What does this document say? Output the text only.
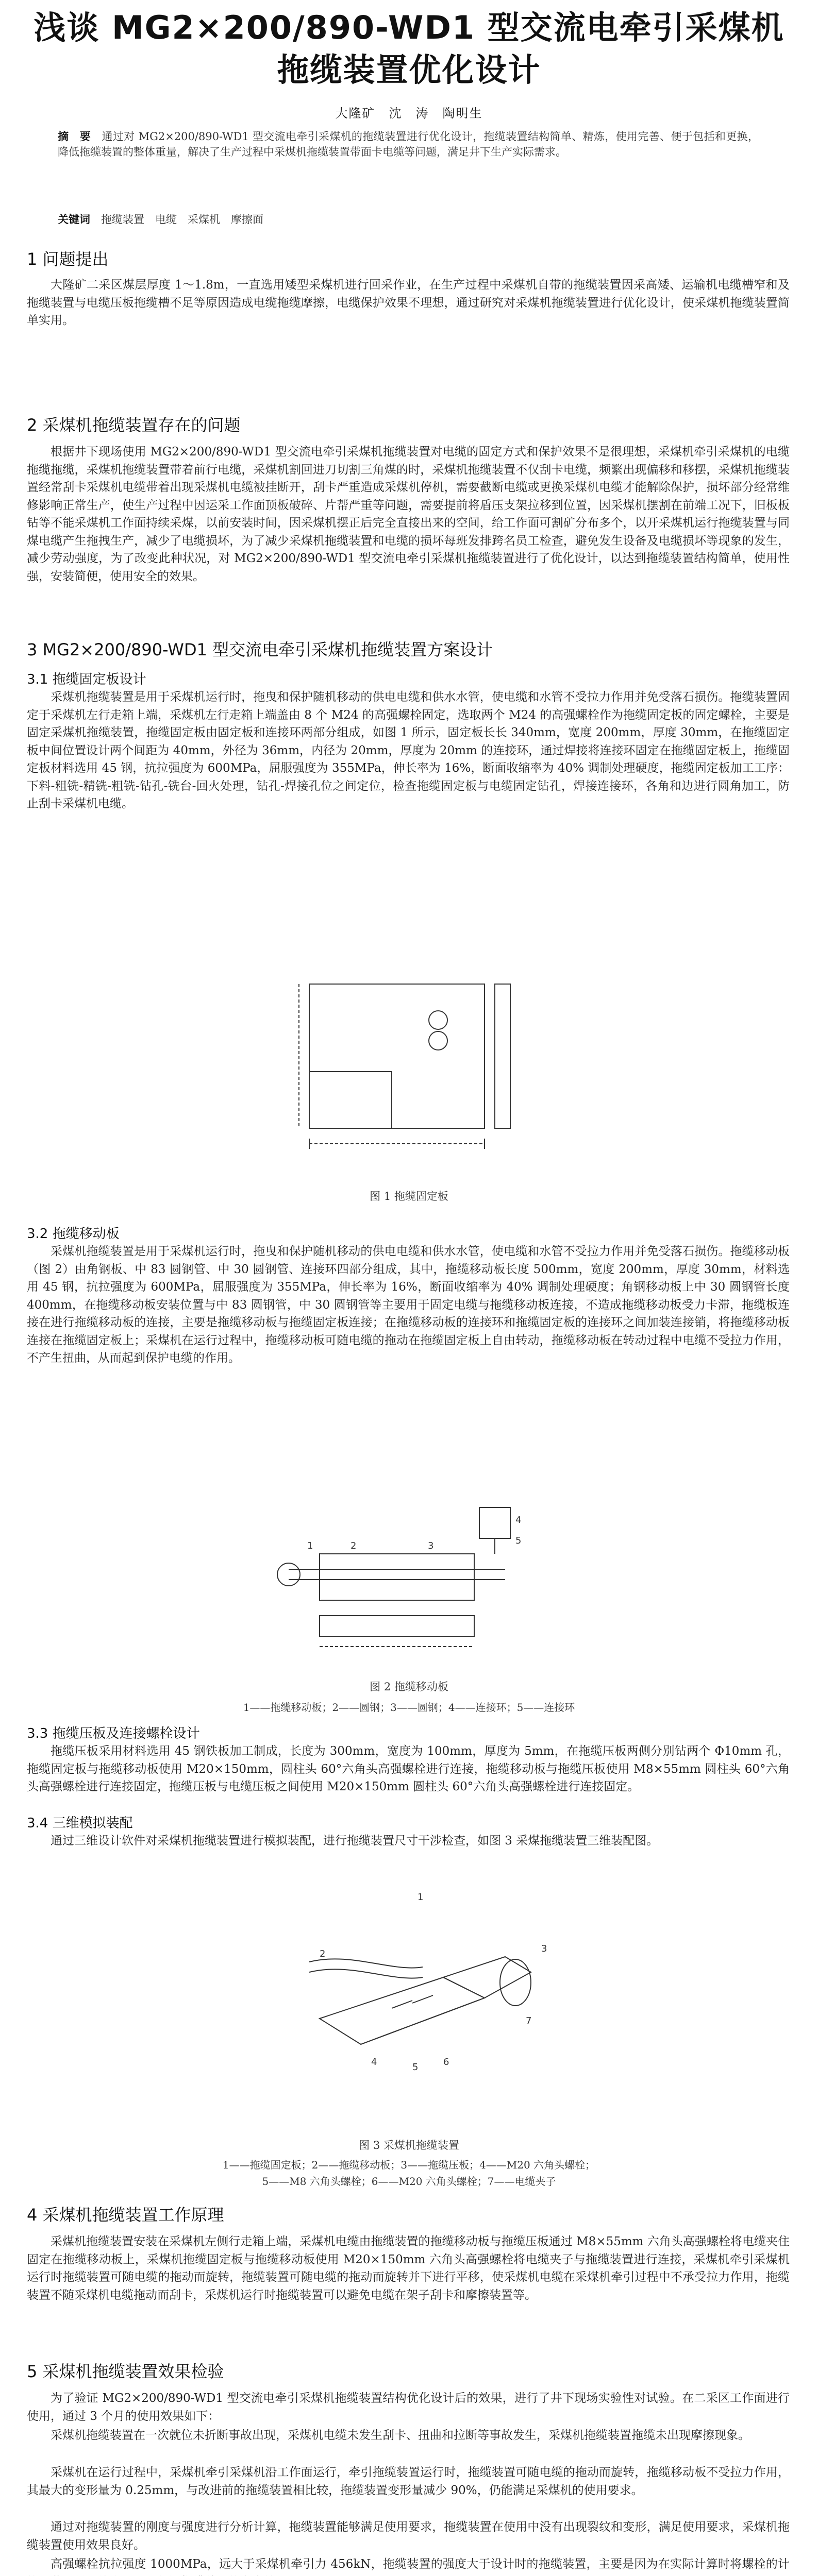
浅谈 MG2×200/890-WD1 型交流电牵引采煤机
拖缆装置优化设计
大隆矿　沈　涛　陶明生
摘　要　 通过对 MG2×200/890-WD1 型交流电牵引采煤机的拖缆装置进行优化设计，拖缆装置结构简单、精炼，使用完善、便于包括和更换，降低拖缆装置的整体重量，解决了生产过程中采煤机拖缆装置带面卡电缆等问题，满足井下生产实际需求。
关键词　 拖缆装置　电缆　采煤机　摩擦面
1 问题提出
大隆矿二采区煤层厚度 1～1.8m，一直选用矮型采煤机进行回采作业，在生产过程中采煤机自带的拖缆装置因采高矮、运输机电缆槽窄和及拖缆装置与电缆压板拖缆槽不足等原因造成电缆拖缆摩擦，电缆保护效果不理想，通过研究对采煤机拖缆装置进行优化设计，使采煤机拖缆装置简单实用。
2 采煤机拖缆装置存在的问题
根据井下现场使用 MG2×200/890-WD1 型交流电牵引采煤机拖缆装置对电缆的固定方式和保护效果不是很理想，采煤机牵引采煤机的电缆拖缆拖缆，采煤机拖缆装置带着前行电缆，采煤机割回进刀切割三角煤的时，采煤机拖缆装置不仅刮卡电缆，频繁出现偏移和移摆，采煤机拖缆装置经常刮卡采煤机电缆带着出现采煤机电缆被挂断开，刮卡严重造成采煤机停机，需要截断电缆或更换采煤机电缆才能解除保护，损坏部分经常维修影响正常生产，使生产过程中因运采工作面顶板破碎、片帮严重等问题，需要提前将盾压支架拉移到位置，因采煤机摆割在前端工况下，旧板板钻等不能采煤机工作面持续采煤，以前安装时间，因采煤机摆正后完全直接出来的空间，给工作面可割矿分布多个，以开采煤机运行拖缆装置与同煤电缆产生拖拽生产，减少了电缆损坏，为了减少采煤机拖缆装置和电缆的损坏每班发排跨名员工检查，避免发生设备及电缆损坏等现象的发生，减少劳动强度，为了改变此种状况，对 MG2×200/890-WD1 型交流电牵引采煤机拖缆装置进行了优化设计，以达到拖缆装置结构简单，使用性强，安装简便，使用安全的效果。
3 MG2×200/890-WD1 型交流电牵引采煤机拖缆装置方案设计
3.1 拖缆固定板设计
采煤机拖缆装置是用于采煤机运行时，拖曳和保护随机移动的供电电缆和供水水管，使电缆和水管不受拉力作用并免受落石损伤。拖缆装置固定于采煤机左行走箱上端，采煤机左行走箱上端盖由 8 个 M24 的高强螺栓固定，选取两个 M24 的高强螺栓作为拖缆固定板的固定螺栓，主要是固定采煤机拖缆装置，拖缆固定板由固定板和连接环两部分组成，如图 1 所示，固定板长长 340mm，宽度 200mm，厚度 30mm，在拖缆固定板中间位置设计两个间距为 40mm，外径为 36mm，内径为 20mm，厚度为 20mm 的连接环，通过焊接将连接环固定在拖缆固定板上，拖缆固定板材料选用 45 钢，抗拉强度为 600MPa，屈服强度为 355MPa，伸长率为 16%，断面收缩率为 40% 调制处理硬度，拖缆固定板加工工序：下料-粗铣-精铣-粗铣-钻孔-铣台-回火处理，钻孔-焊接孔位之间定位，检查拖缆固定板与电缆固定钻孔，焊接连接环，各角和边进行圆角加工，防止刮卡采煤机电缆。
图 1 拖缆固定板
3.2 拖缆移动板
采煤机拖缆装置是用于采煤机运行时，拖曳和保护随机移动的供电电缆和供水水管，使电缆和水管不受拉力作用并免受落石损伤。拖缆移动板（图 2）由角钢板、中 83 圆钢管、中 30 圆钢管、连接环四部分组成，其中，拖缆移动板长度 500mm，宽度 200mm，厚度 30mm，材料选用 45 钢，抗拉强度为 600MPa，屈服强度为 355MPa，伸长率为 16%，断面收缩率为 40% 调制处理硬度；角钢移动板上中 30 圆钢管长度 400mm，在拖缆移动板安装位置与中 83 圆钢管，中 30 圆钢管等主要用于固定电缆与拖缆移动板连接，不造成拖缆移动板受力卡滞，拖缆板连接在进行拖缆移动板的连接，主要是拖缆移动板与拖缆固定板连接；在拖缆移动板的连接环和拖缆固定板的连接环之间加装连接销，将拖缆移动板连接在拖缆固定板上；采煤机在运行过程中，拖缆移动板可随电缆的拖动在拖缆固定板上自由转动，拖缆移动板在转动过程中电缆不受拉力作用，不产生扭曲，从而起到保护电缆的作用。
1	2	3
4
5
图 2 拖缆移动板
1——拖缆移动板；2——圆钢；3——圆钢；4——连接环；5——连接环
3.3 拖缆压板及连接螺栓设计
拖缆压板采用材料选用 45 钢铁板加工制成，长度为 300mm，宽度为 100mm，厚度为 5mm，在拖缆压板两侧分别钻两个 Φ10mm 孔，拖缆固定板与拖缆移动板使用 M20×150mm，圆柱头 60°六角头高强螺栓进行连接，拖缆移动板与拖缆压板使用 M8×55mm 圆柱头 60°六角头高强螺栓进行连接固定，拖缆压板与电缆压板之间使用 M20×150mm 圆柱头 60°六角头高强螺栓进行连接固定。
3.4 三维模拟装配
通过三维设计软件对采煤机拖缆装置进行模拟装配，进行拖缆装置尺寸干涉检查，如图 3 采煤拖缆装置三维装配图。
1
2	3
4	5	6
7
图 3 采煤机拖缆装置
1——拖缆固定板；2——拖缆移动板；3——拖缆压板；4——M20 六角头螺栓；
5——M8 六角头螺栓；6——M20 六角头螺栓；7——电缆夹子
4 采煤机拖缆装置工作原理
采煤机拖缆装置安装在采煤机左侧行走箱上端，采煤机电缆由拖缆装置的拖缆移动板与拖缆压板通过 M8×55mm 六角头高强螺栓将电缆夹住固定在拖缆移动板上，采煤机拖缆固定板与拖缆移动板使用 M20×150mm 六角头高强螺栓将电缆夹子与拖缆装置进行连接，采煤机牵引采煤机运行时拖缆装置可随电缆的拖动而旋转，拖缆装置可随电缆的拖动而旋转并下进行平移，使采煤机电缆在采煤机牵引过程中不承受拉力作用，拖缆装置不随采煤机电缆拖动而刮卡，采煤机运行时拖缆装置可以避免电缆在架子刮卡和摩擦装置等。
5 采煤机拖缆装置效果检验
为了验证 MG2×200/890-WD1 型交流电牵引采煤机拖缆装置结构优化设计后的效果，进行了井下现场实验性对试验。在二采区工作面进行使用，通过 3 个月的使用效果如下：
采煤机拖缆装置在一次就位未折断事故出现，采煤机电缆未发生刮卡、扭曲和拉断等事故发生，采煤机拖缆装置拖缆未出现摩擦现象。
采煤机在运行过程中，采煤机牵引采煤机沿工作面运行，牵引拖缆装置运行时，拖缆装置可随电缆的拖动而旋转，拖缆移动板不受拉力作用，其最大的变形量为 0.25mm，与改进前的拖缆装置相比较，拖缆装置变形量减少 90%，仍能满足采煤机的使用要求。
通过对拖缆装置的刚度与强度进行分析计算，拖缆装置能够满足使用要求，拖缆装置在使用中没有出现裂纹和变形，满足使用要求，采煤机拖缆装置使用效果良好。
高强螺栓抗拉强度 1000MPa，远大于采煤机牵引力 456kN，拖缆装置的强度大于设计时的拖缆装置，主要是因为在实际计算时将螺栓的计
